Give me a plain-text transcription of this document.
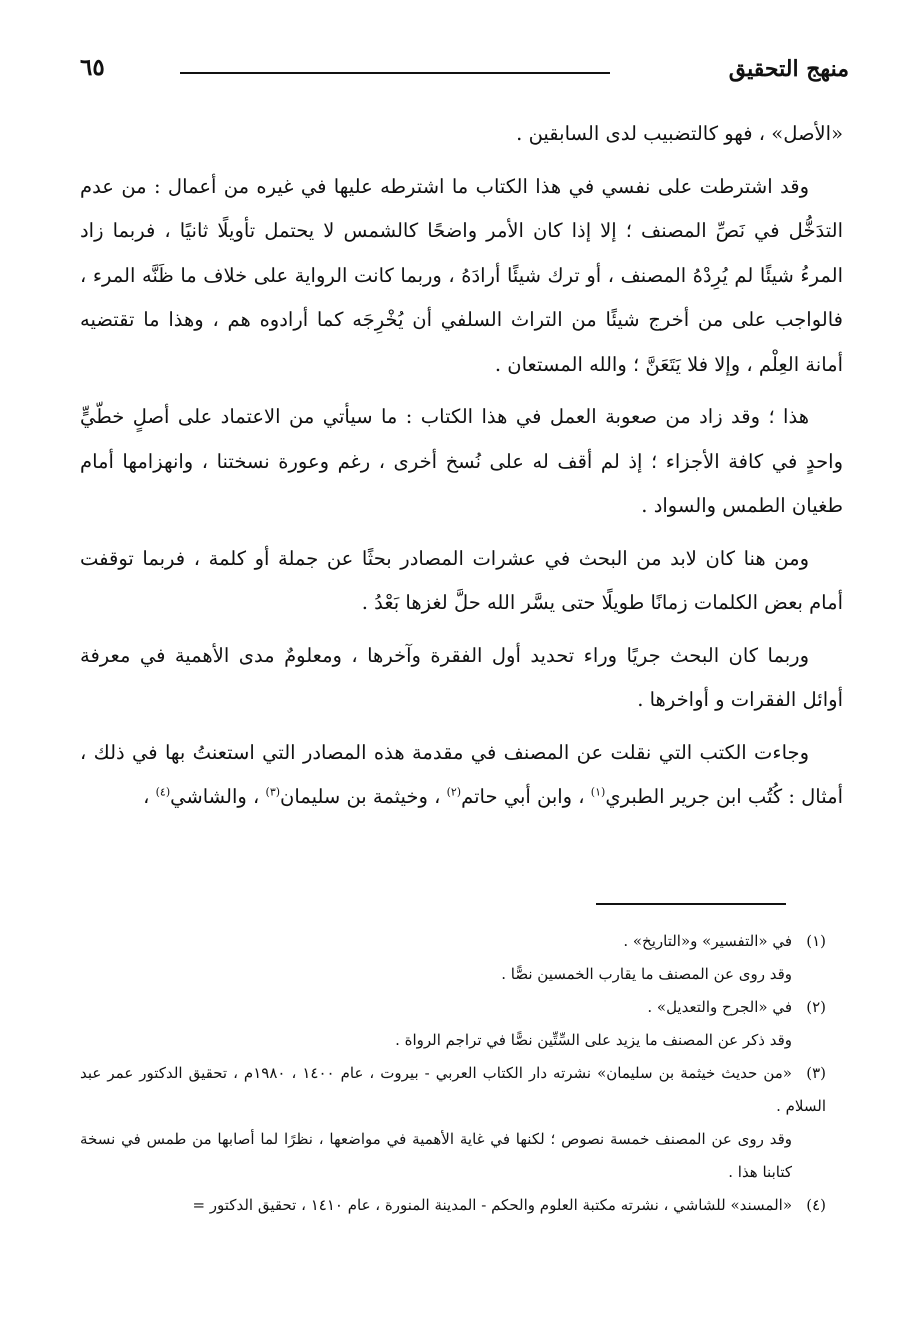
منهج التحقيق
٦٥

«الأصل» ، فهو كالتضبيب لدى السابقين .

وقد اشترطت على نفسي في هذا الكتاب ما اشترطه عليها في غيره من أعمال : من عدم التدَخُّل في نَصِّ المصنف ؛ إلا إذا كان الأمر واضحًا كالشمس لا يحتمل تأويلًا ثانيًا ، فربما زاد المرءُ شيئًا لم يُرِدْهُ المصنف ، أو ترك شيئًا أرادَهُ ، وربما كانت الرواية على خلاف ما ظَنَّه المرء ، فالواجب على من أخرج شيئًا من التراث السلفي أن يُخْرِجَه كما أرادوه هم ، وهذا ما تقتضيه أمانة العِلْم ، وإلا فلا يَتَعَنَّ ؛ والله المستعان .

هذا ؛ وقد زاد من صعوبة العمل في هذا الكتاب : ما سيأتي من الاعتماد على أصلٍ خطّيٍّ واحدٍ في كافة الأجزاء ؛ إذ لم أقف له على نُسخ أخرى ، رغم وعورة نسختنا ، وانهزامها أمام طغيان الطمس والسواد .

ومن هنا كان لابد من البحث في عشرات المصادر بحثًا عن جملة أو كلمة ، فربما توقفت أمام بعض الكلمات زمانًا طويلًا حتى يسَّر الله حلَّ لغزها بَعْدُ .

وربما كان البحث جريًا وراء تحديد أول الفقرة وآخرها ، ومعلومٌ مدى الأهمية في معرفة أوائل الفقرات و أواخرها .

وجاءت الكتب التي نقلت عن المصنف في مقدمة هذه المصادر التي استعنتُ بها في ذلك ، أمثال : كُتُب ابن جرير الطبري$^{(١)}$ ، وابن أبي حاتم$^{(٢)}$ ، وخيثمة بن سليمان$^{(٣)}$ ، والشاشي$^{(٤)}$ ،

(١)في «التفسير» و«التاريخ» .

وقد روى عن المصنف ما يقارب الخمسين نصًّا .

(٢)في «الجرح والتعديل» .

وقد ذكر عن المصنف ما يزيد على السِّتِّين نصًّا في تراجم الرواة .

(٣)«من حديث خيثمة بن سليمان» نشرته دار الكتاب العربي - بيروت ، عام ١٤٠٠ ، ١٩٨٠م ، تحقيق الدكتور عمر عبد السلام .

وقد روى عن المصنف خمسة نصوص ؛ لكنها في غاية الأهمية في مواضعها ، نظرًا لما أصابها من طمس في نسخة كتابنا هذا .

(٤)«المسند» للشاشي ، نشرته مكتبة العلوم والحكم - المدينة المنورة ، عام ١٤١٠ ، تحقيق الدكتور =
